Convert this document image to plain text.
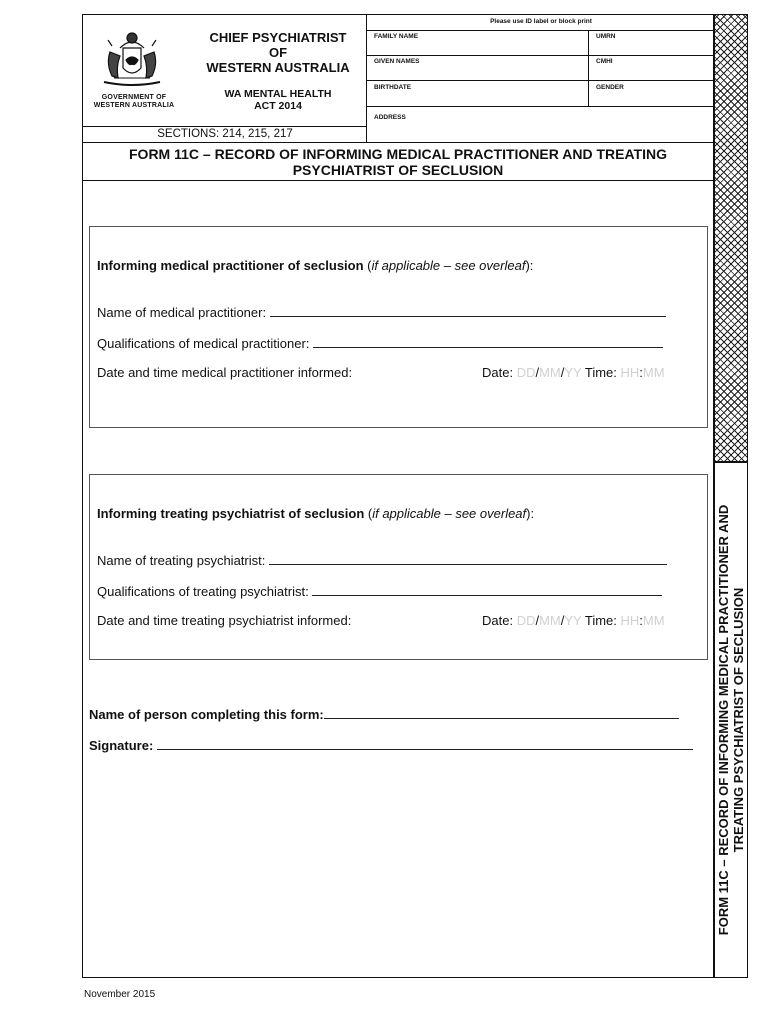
GOVERNMENT OF
WESTERN AUSTRALIA
CHIEF PSYCHIATRIST
OF
WESTERN AUSTRALIA
WA MENTAL HEALTH
ACT 2014
SECTIONS: 214, 215, 217
Please use ID label or block print
FAMILY NAME	UMRN
GIVEN NAMES	CMHI
BIRTHDATE	GENDER
ADDRESS
FORM 11C – RECORD OF INFORMING MEDICAL PRACTITIONER AND TREATING
PSYCHIATRIST OF SECLUSION
Informing medical practitioner of seclusion (if applicable – see overleaf):
Name of medical practitioner:
Qualifications of medical practitioner:
Date and time medical practitioner informed:	Date: DD/MM/YY Time: HH:MM
Informing treating psychiatrist of seclusion (if applicable – see overleaf):
Name of treating psychiatrist:
Qualifications of treating psychiatrist:
Date and time treating psychiatrist informed:	Date: DD/MM/YY Time: HH:MM
Name of person completing this form:
Signature:	FORM 11C – RECORD OF INFORMING MEDICAL PRACTITIONER AND TREATING PSYCHIATRIST OF SECLUSION
November 2015
